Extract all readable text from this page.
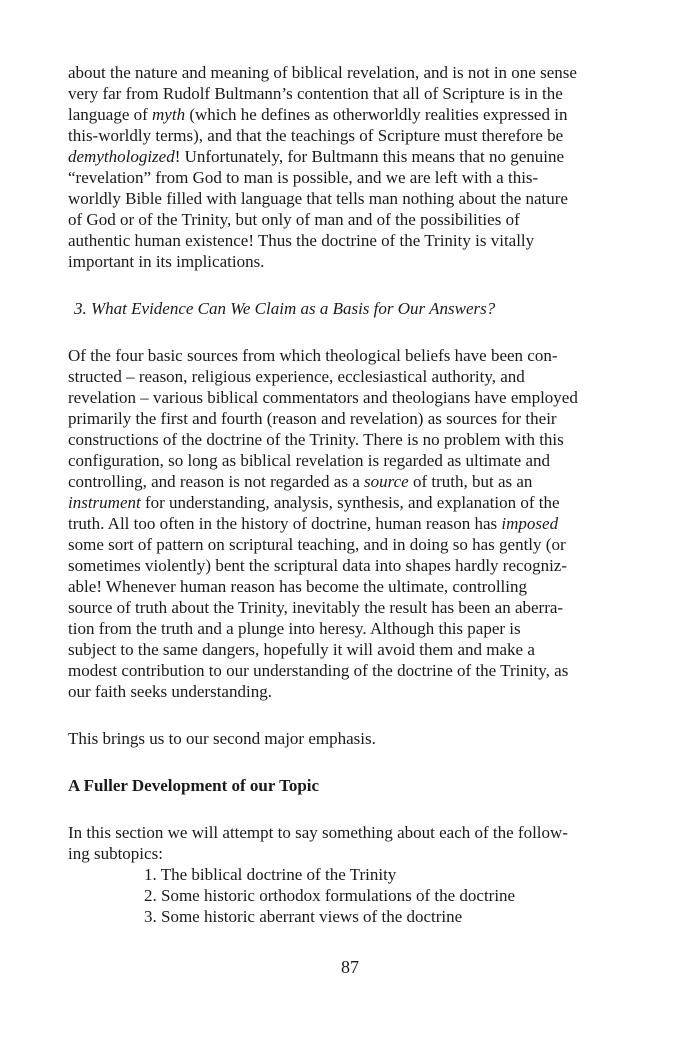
about the nature and meaning of biblical revelation, and is not in one sense
very far from Rudolf Bultmann’s contention that all of Scripture is in the
language of myth (which he defines as otherworldly realities expressed in
this-worldly terms), and that the teachings of Scripture must therefore be
demythologized! Unfortunately, for Bultmann this means that no genuine
“revelation” from God to man is possible, and we are left with a this-
worldly Bible filled with language that tells man nothing about the nature
of God or of the Trinity, but only of man and of the possibilities of
authentic human existence! Thus the doctrine of the Trinity is vitally
important in its implications.
3. What Evidence Can We Claim as a Basis for Our Answers?
Of the four basic sources from which theological beliefs have been con-
structed – reason, religious experience, ecclesiastical authority, and
revelation – various biblical commentators and theologians have employed
primarily the first and fourth (reason and revelation) as sources for their
constructions of the doctrine of the Trinity. There is no problem with this
configuration, so long as biblical revelation is regarded as ultimate and
controlling, and reason is not regarded as a source of truth, but as an
instrument for understanding, analysis, synthesis, and explanation of the
truth. All too often in the history of doctrine, human reason has imposed
some sort of pattern on scriptural teaching, and in doing so has gently (or
sometimes violently) bent the scriptural data into shapes hardly recogniz-
able! Whenever human reason has become the ultimate, controlling
source of truth about the Trinity, inevitably the result has been an aberra-
tion from the truth and a plunge into heresy. Although this paper is
subject to the same dangers, hopefully it will avoid them and make a
modest contribution to our understanding of the doctrine of the Trinity, as
our faith seeks understanding.
This brings us to our second major emphasis.
A Fuller Development of our Topic
In this section we will attempt to say something about each of the follow-
ing subtopics:
1. The biblical doctrine of the Trinity
2. Some historic orthodox formulations of the doctrine
3. Some historic aberrant views of the doctrine
87
